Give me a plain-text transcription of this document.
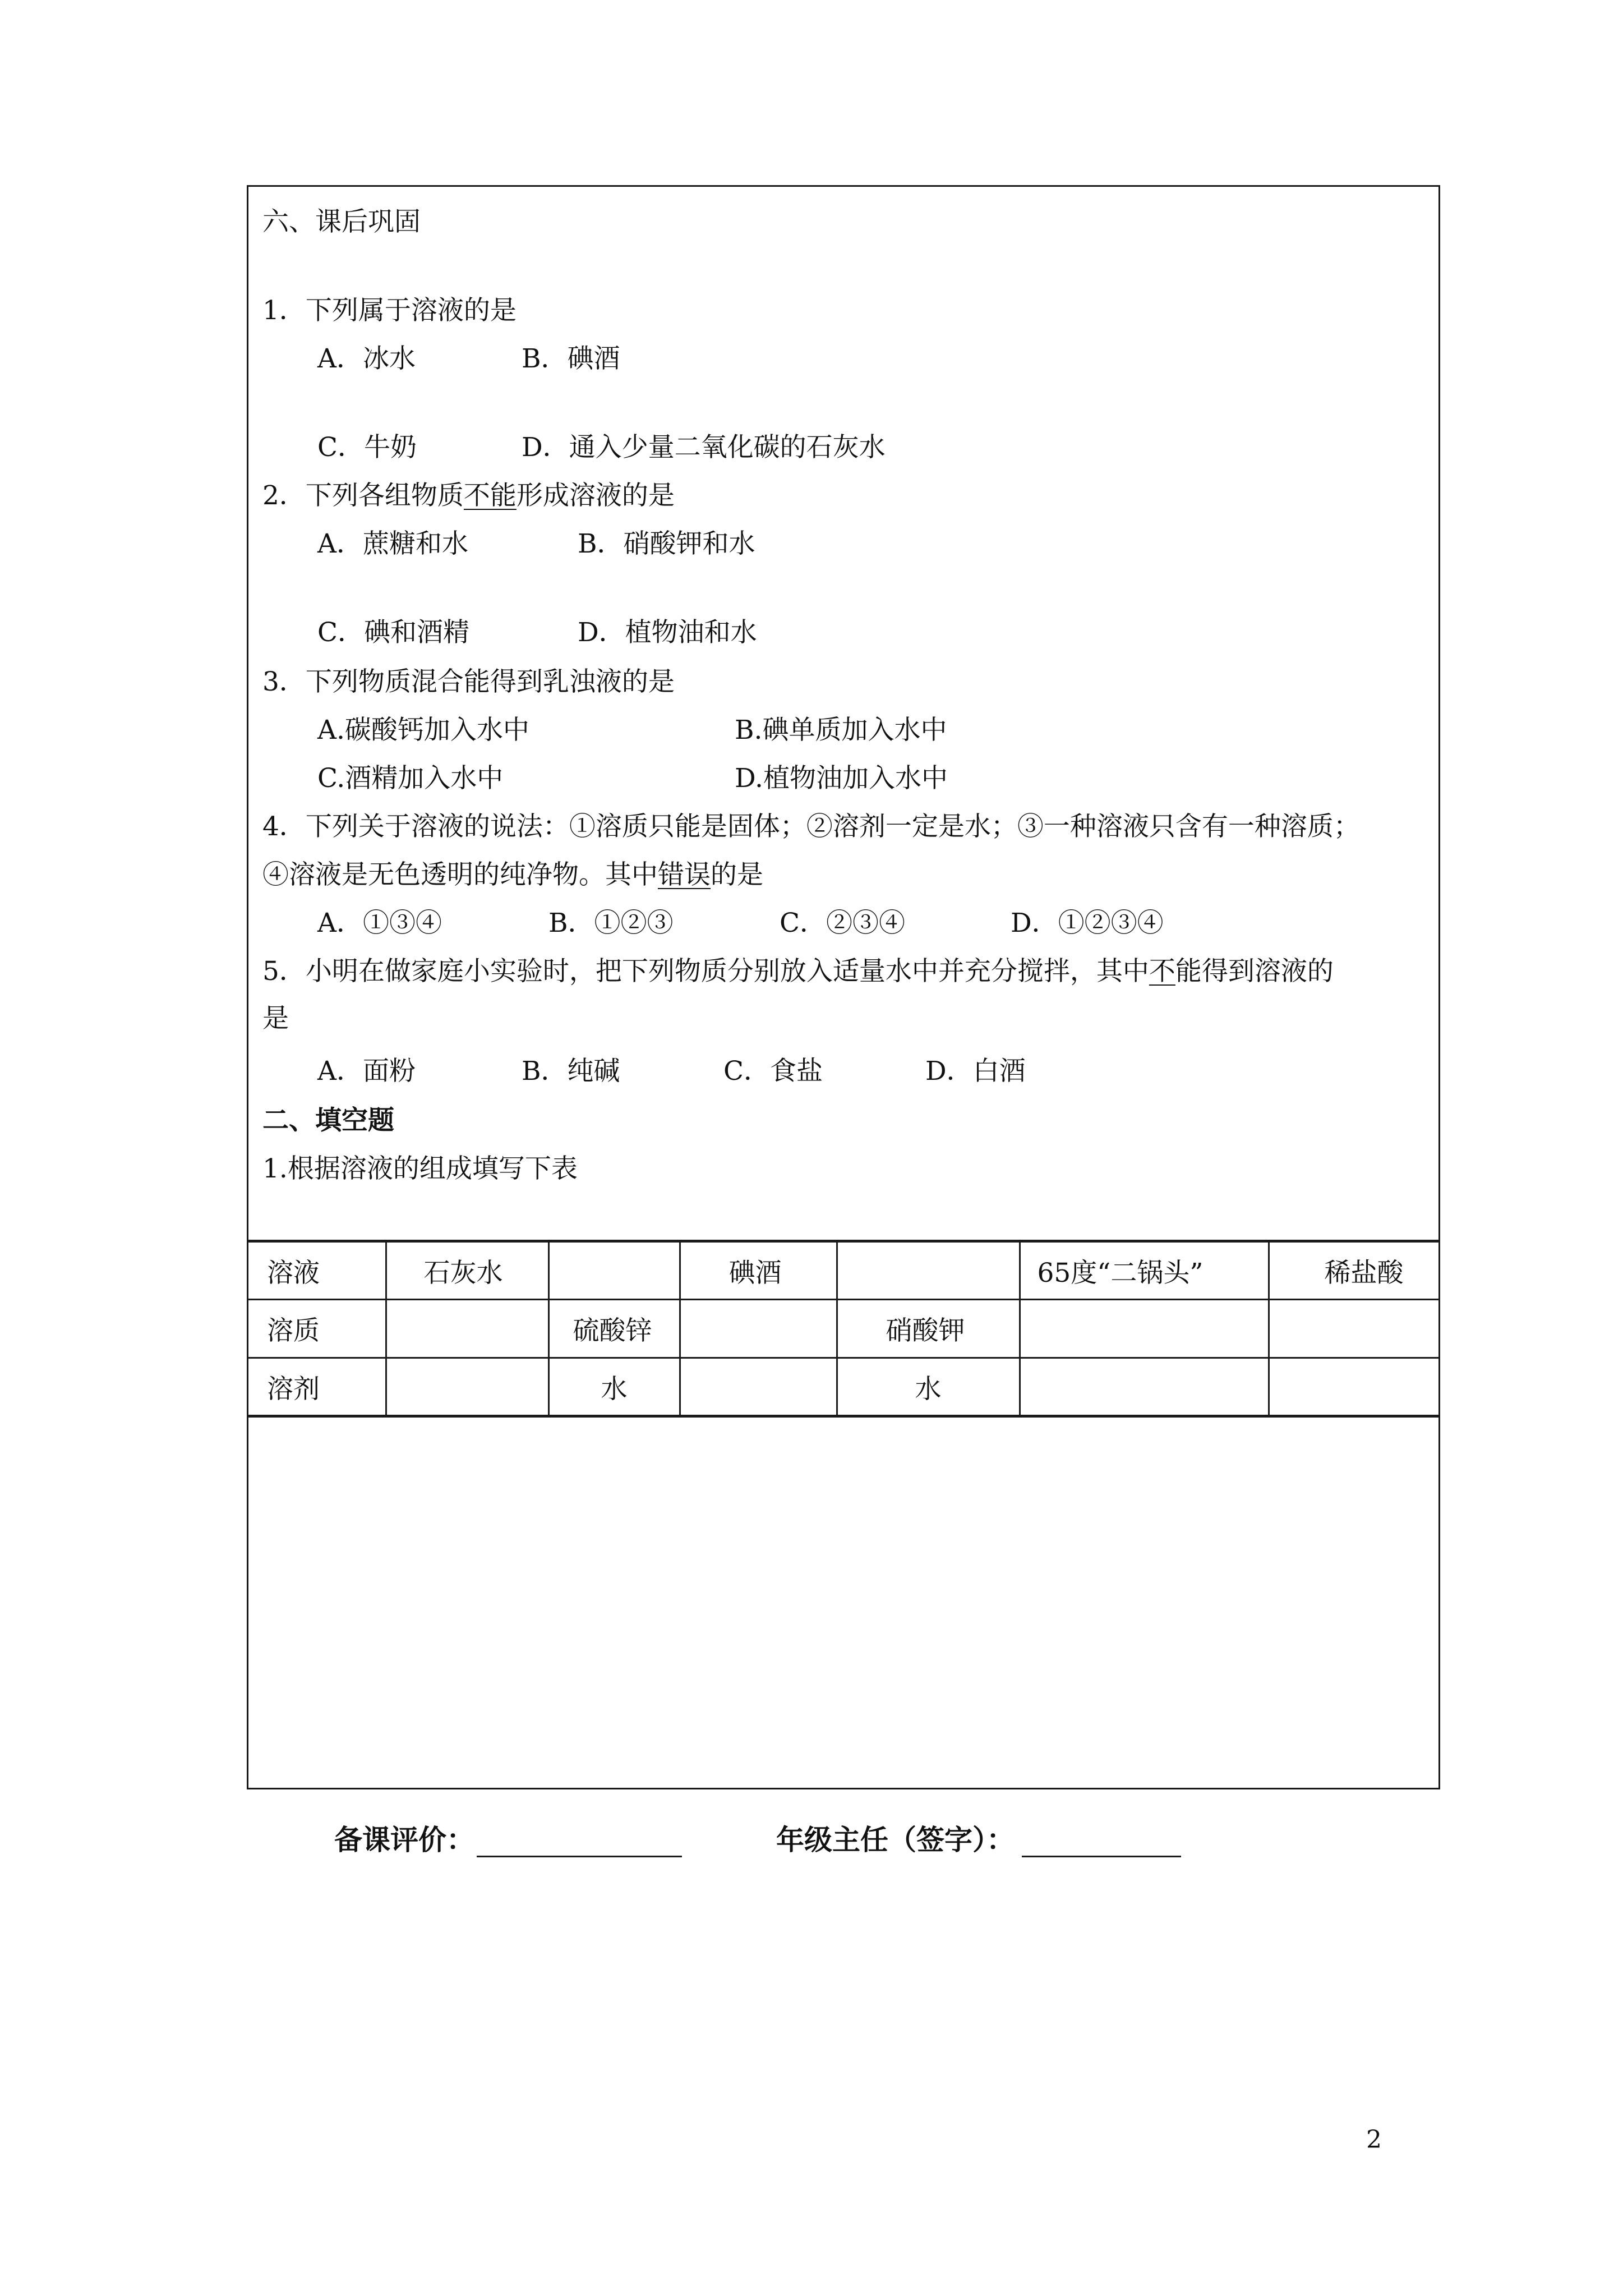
六、课后巩固
1．下列属于溶液的是
A．冰水	B．碘酒
C．牛奶	D．通入少量二氧化碳的石灰水
2．下列各组物质不能形成溶液的是
A．蔗糖和水	B．硝酸钾和水
C．碘和酒精	D．植物油和水
3．下列物质混合能得到乳浊液的是
A.碳酸钙加入水中	B.碘单质加入水中
C.酒精加入水中	D.植物油加入水中
4．下列关于溶液的说法：①溶质只能是固体；②溶剂一定是水；③一种溶液只含有一种溶质；
④溶液是无色透明的纯净物。其中错误的是
A．①③④	B．①②③	C．②③④	D．①②③④
5．小明在做家庭小实验时，把下列物质分别放入适量水中并充分搅拌，其中不能得到溶液的
是
A．面粉	B．纯碱	C．食盐	D．白酒
二、填空题
1.根据溶液的组成填写下表
溶液	石灰水		碘酒		65度“二锅头”	稀盐酸
溶质		硫酸锌		硝酸钾		
溶剂		水		水		
备课评价：	年级主任（签字）：
2
